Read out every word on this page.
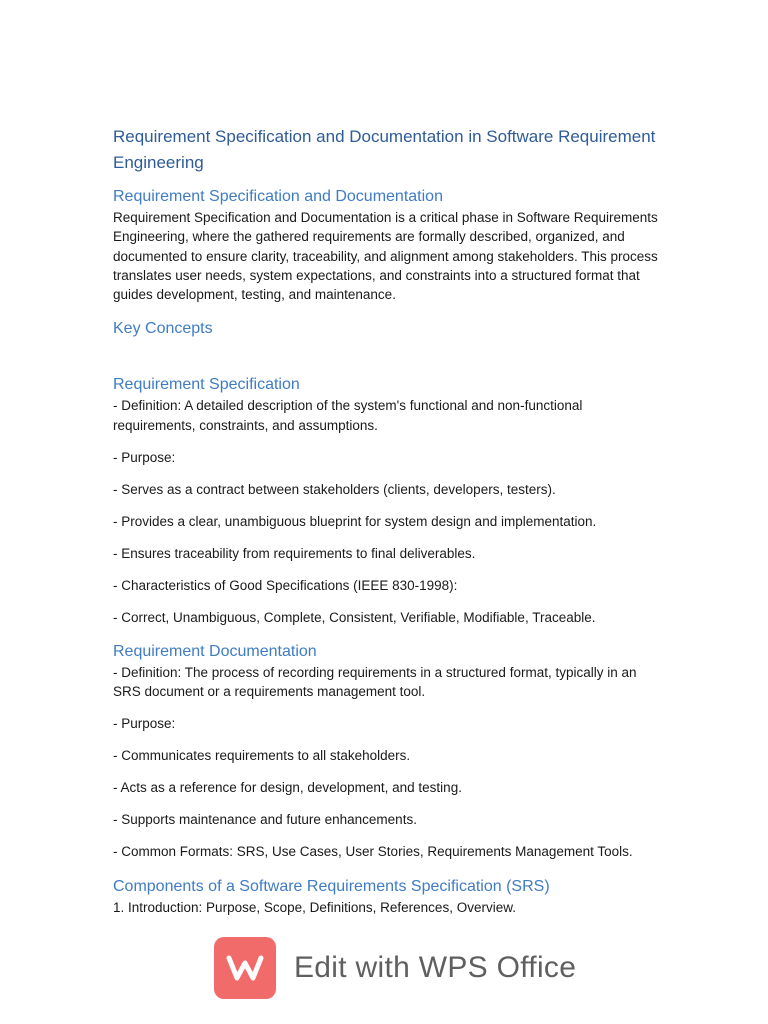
Requirement Specification and Documentation in Software Requirement Engineering
Requirement Specification and Documentation

Requirement Specification and Documentation is a critical phase in Software Requirements Engineering, where the gathered requirements are formally described, organized, and documented to ensure clarity, traceability, and alignment among stakeholders. This process translates user needs, system expectations, and constraints into a structured format that guides development, testing, and maintenance.

Key Concepts
Requirement Specification

- Definition: A detailed description of the system's functional and non-functional requirements, constraints, and assumptions.

- Purpose:

- Serves as a contract between stakeholders (clients, developers, testers).

- Provides a clear, unambiguous blueprint for system design and implementation.

- Ensures traceability from requirements to final deliverables.

- Characteristics of Good Specifications (IEEE 830-1998):

- Correct, Unambiguous, Complete, Consistent, Verifiable, Modifiable, Traceable.

Requirement Documentation

- Definition: The process of recording requirements in a structured format, typically in an SRS document or a requirements management tool.

- Purpose:

- Communicates requirements to all stakeholders.

- Acts as a reference for design, development, and testing.

- Supports maintenance and future enhancements.

- Common Formats: SRS, Use Cases, User Stories, Requirements Management Tools.

Components of a Software Requirements Specification (SRS)

1. Introduction: Purpose, Scope, Definitions, References, Overview.

Edit with WPS Office
